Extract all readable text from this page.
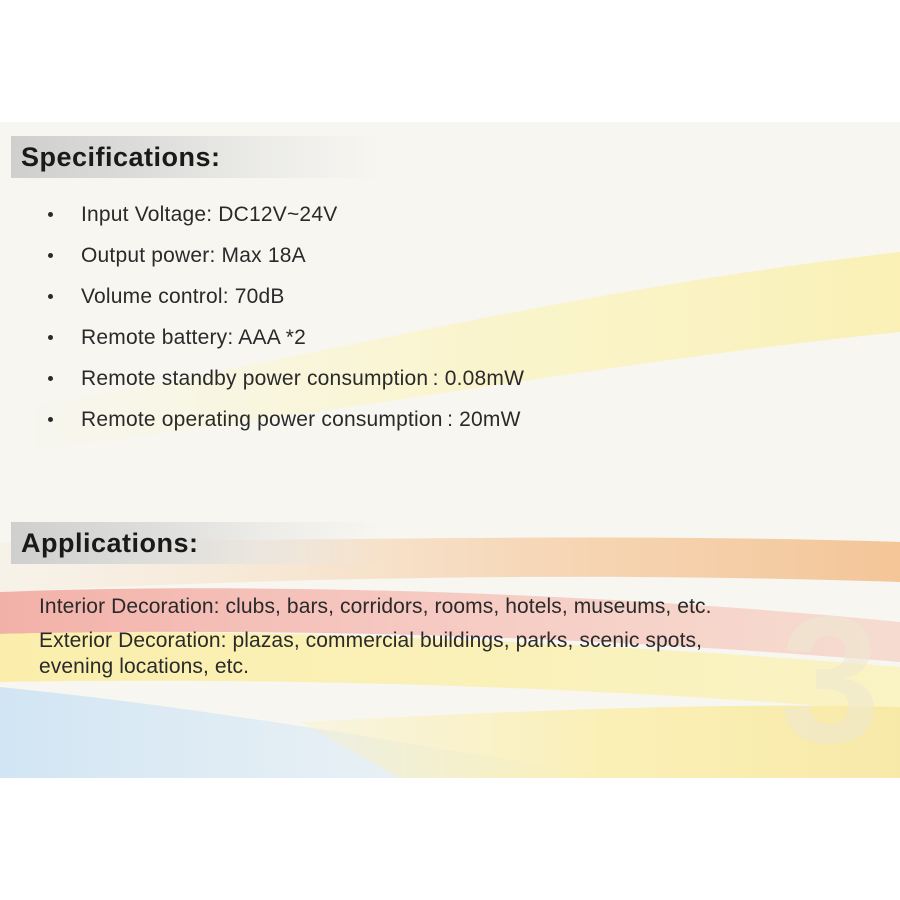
3
Specifications:
Input Voltage: DC12V~24V
Output power: Max 18A
Volume control: 70dB
Remote battery: AAA *2
Remote standby power consumption : 0.08mW
Remote operating power consumption : 20mW
Applications:
Interior Decoration: clubs, bars, corridors, rooms, hotels, museums, etc.
Exterior Decoration: plazas, commercial buildings, parks, scenic spots,
evening locations, etc.
